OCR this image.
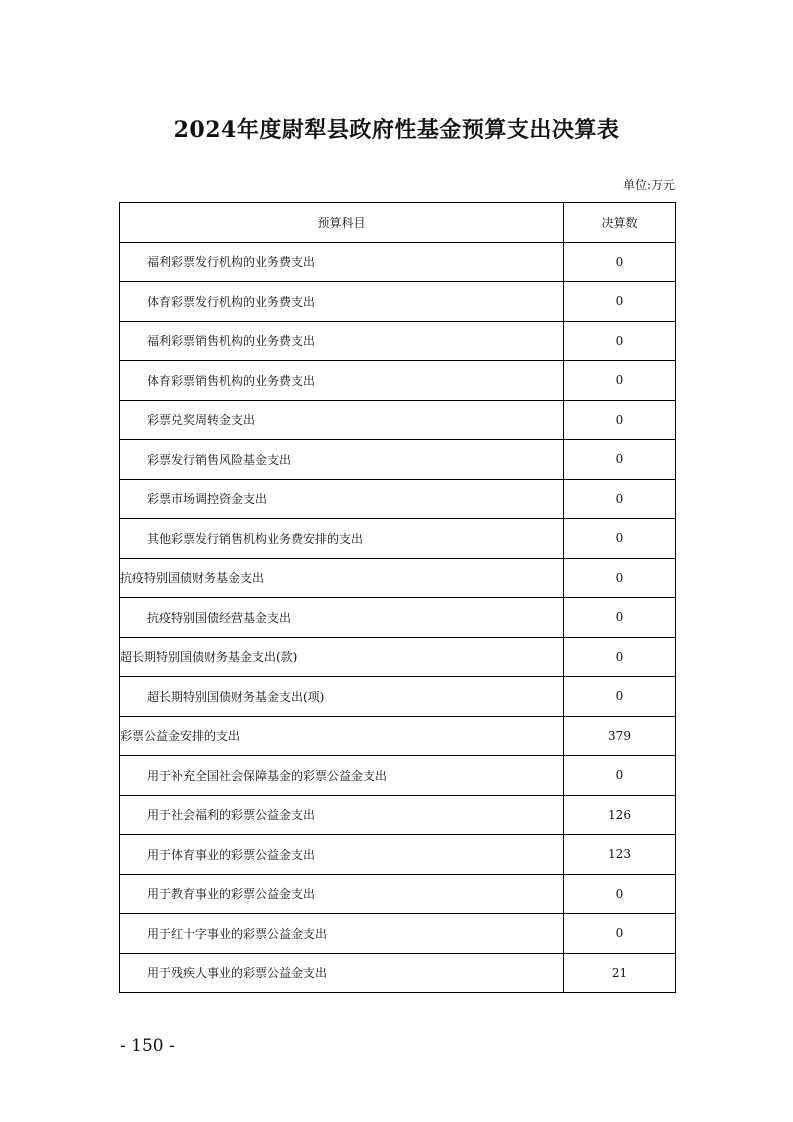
2024年度尉犁县政府性基金预算支出决算表
单位:万元
预算科目	决算数
福利彩票发行机构的业务费支出	0
体育彩票发行机构的业务费支出	0
福利彩票销售机构的业务费支出	0
体育彩票销售机构的业务费支出	0
彩票兑奖周转金支出	0
彩票发行销售风险基金支出	0
彩票市场调控资金支出	0
其他彩票发行销售机构业务费安排的支出	0
抗疫特别国债财务基金支出	0
抗疫特别国债经营基金支出	0
超长期特别国债财务基金支出(款)	0
超长期特别国债财务基金支出(项)	0
彩票公益金安排的支出	379
用于补充全国社会保障基金的彩票公益金支出	0
用于社会福利的彩票公益金支出	126
用于体育事业的彩票公益金支出	123
用于教育事业的彩票公益金支出	0
用于红十字事业的彩票公益金支出	0
用于残疾人事业的彩票公益金支出	21
- 150 -
